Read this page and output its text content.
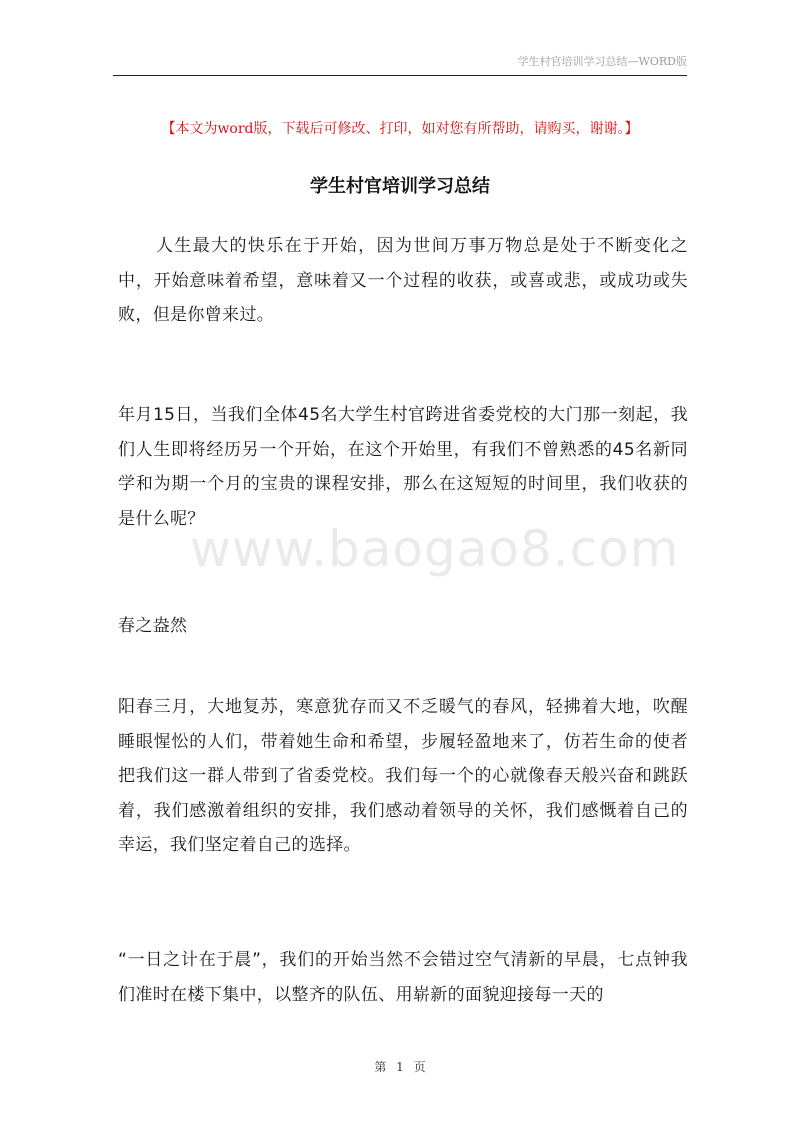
学生村官培训学习总结—WORD版
【本文为word版，下载后可修改、打印，如对您有所帮助，请购买，谢谢。】
学生村官培训学习总结

人生最大的快乐在于开始，因为世间万事万物总是处于不断变化之中，开始意味着希望，意味着又一个过程的收获，或喜或悲，或成功或失败，但是你曾来过。

年月15日，当我们全体45名大学生村官跨进省委党校的大门那一刻起，我们人生即将经历另一个开始，在这个开始里，有我们不曾熟悉的45名新同学和为期一个月的宝贵的课程安排，那么在这短短的时间里，我们收获的是什么呢？

春之盎然

阳春三月，大地复苏，寒意犹存而又不乏暖气的春风，轻拂着大地，吹醒睡眼惺忪的人们，带着她生命和希望，步履轻盈地来了，仿若生命的使者把我们这一群人带到了省委党校。我们每一个的心就像春天般兴奋和跳跃着，我们感激着组织的安排，我们感动着领导的关怀，我们感慨着自己的幸运，我们坚定着自己的选择。

“一日之计在于晨”，我们的开始当然不会错过空气清新的早晨，七点钟我们准时在楼下集中，以整齐的队伍、用崭新的面貌迎接每一天的

www.baogao8.com
第 1 页
